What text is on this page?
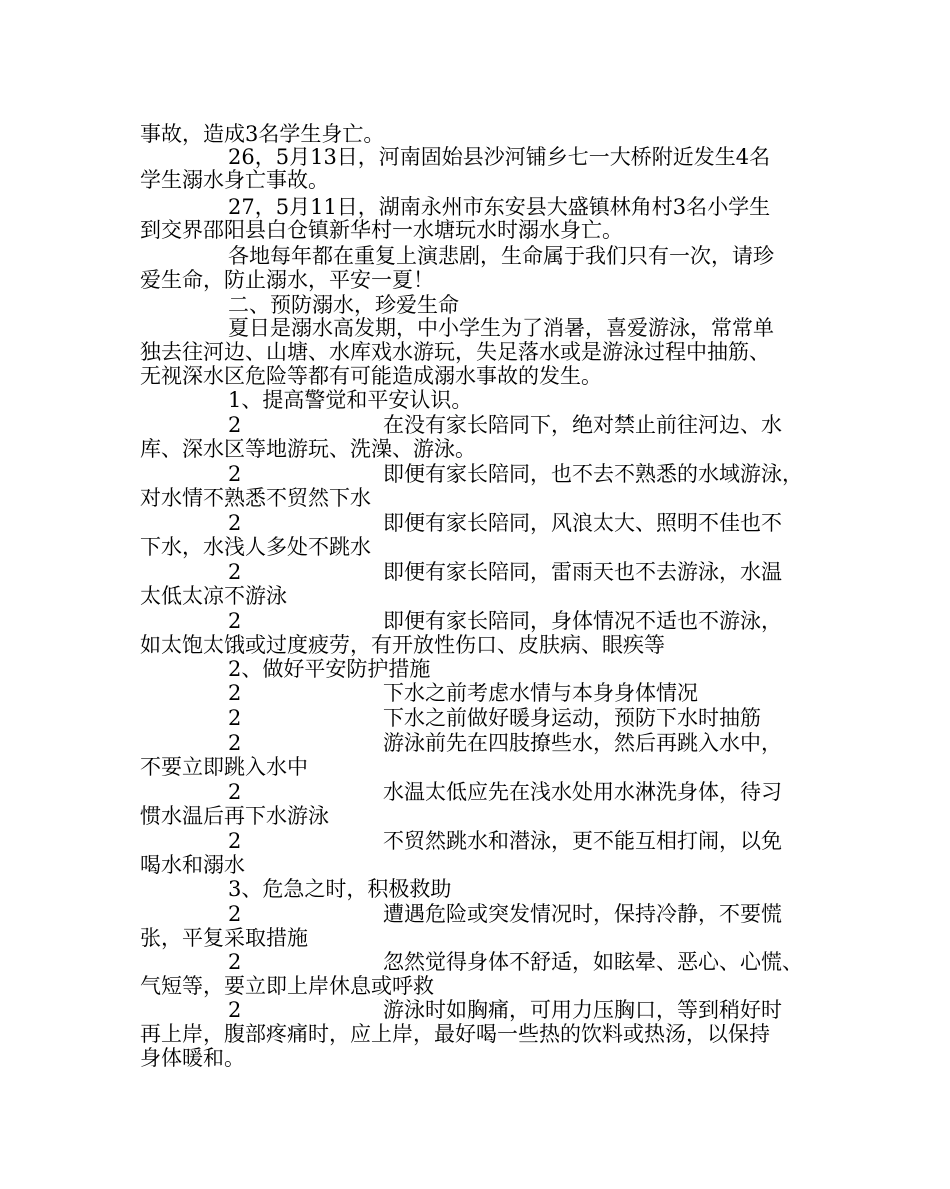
事故，造成3名学生身亡。
26，5月13日，河南固始县沙河铺乡七一大桥附近发生4名
学生溺水身亡事故。
27，5月11日，湖南永州市东安县大盛镇林角村3名小学生
到交界邵阳县白仓镇新华村一水塘玩水时溺水身亡。
各地每年都在重复上演悲剧，生命属于我们只有一次，请珍
爱生命，防止溺水，平安一夏！
二、预防溺水，珍爱生命
夏日是溺水高发期，中小学生为了消暑，喜爱游泳，常常单
独去往河边、山塘、水库戏水游玩，失足落水或是游泳过程中抽筋、
无视深水区危险等都有可能造成溺水事故的发生。
1、提高警觉和平安认识。
2	在没有家长陪同下，绝对禁止前往河边、水
库、深水区等地游玩、洗澡、游泳。
2	即便有家长陪同，也不去不熟悉的水域游泳，
对水情不熟悉不贸然下水
2	即便有家长陪同，风浪太大、照明不佳也不
下水，水浅人多处不跳水
2	即便有家长陪同，雷雨天也不去游泳，水温
太低太凉不游泳
2	即便有家长陪同，身体情况不适也不游泳，
如太饱太饿或过度疲劳，有开放性伤口、皮肤病、眼疾等
2、做好平安防护措施
2	下水之前考虑水情与本身身体情况
2	下水之前做好暖身运动，预防下水时抽筋
2	游泳前先在四肢撩些水，然后再跳入水中，
不要立即跳入水中
2	水温太低应先在浅水处用水淋洗身体，待习
惯水温后再下水游泳
2	不贸然跳水和潜泳，更不能互相打闹，以免
喝水和溺水
3、危急之时，积极救助
2	遭遇危险或突发情况时，保持冷静，不要慌
张，平复采取措施
2	忽然觉得身体不舒适，如眩晕、恶心、心慌、
气短等，要立即上岸休息或呼救
2	游泳时如胸痛，可用力压胸口，等到稍好时
再上岸，腹部疼痛时，应上岸，最好喝一些热的饮料或热汤，以保持
身体暖和。
